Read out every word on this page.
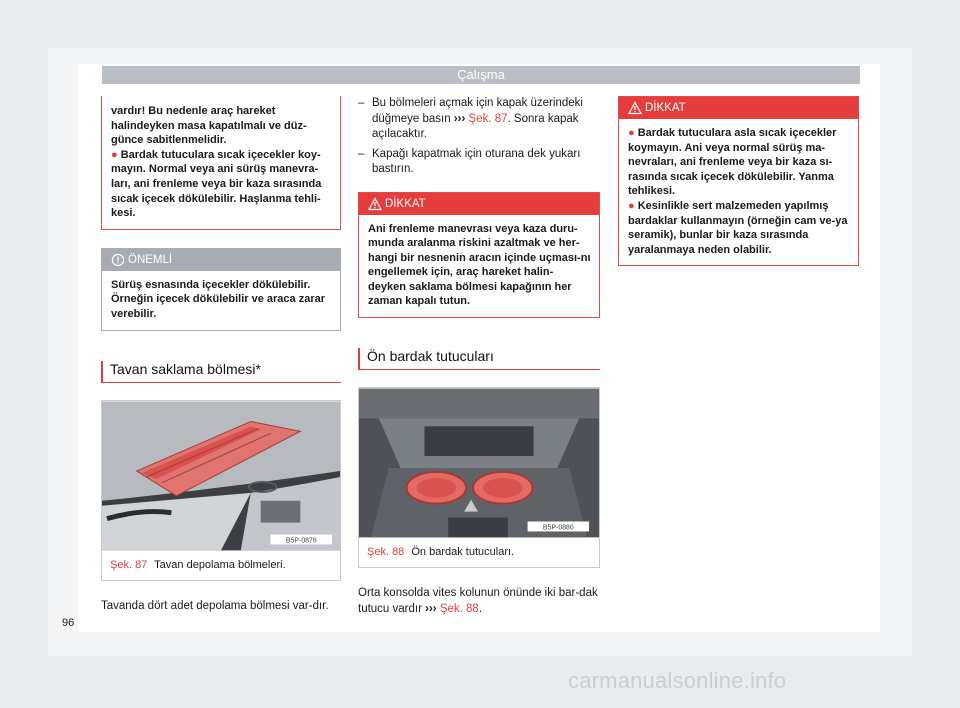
Çalışma
vardır! Bu nedenle araç hareket halindeyken masa kapatılmalı ve düz-günce sabitlenmelidir.
● Bardak tutuculara sıcak içecekler koy-mayın. Normal veya ani sürüş manevra-ları, ani frenleme veya bir kaza sırasında sıcak içecek dökülebilir. Haşlanma tehli-kesi.
ÖNEMLİ
Sürüş esnasında içecekler dökülebilir. Örneğin içecek dökülebilir ve araca zarar verebilir.
Tavan saklama bölmesi*
B5P-0876
Şek. 87 Tavan depolama bölmeleri.

Tavanda dört adet depolama bölmesi var-dır.

– Bu bölmeleri açmak için kapak üzerindeki düğmeye basın ››› Şek. 87. Sonra kapak açılacaktır.
– Kapağı kapatmak için oturana dek yukarı bastırın.
DİKKAT
Ani frenleme manevrası veya kaza duru-munda aralanma riskini azaltmak ve her-hangi bir nesnenin aracın içinde uçması-nı engellemek için, araç hareket halin-deyken saklama bölmesi kapağının her zaman kapalı tutun.
Ön bardak tutucuları
B5P-0880
Şek. 88 Ön bardak tutucuları.

Orta konsolda vites kolunun önünde iki bar-dak tutucu vardır ››› Şek. 88.

DİKKAT
● Bardak tutuculara asla sıcak içecekler koymayın. Ani veya normal sürüş ma-nevraları, ani frenleme veya bir kaza sı-rasında sıcak içecek dökülebilir. Yanma tehlikesi.
● Kesinlikle sert malzemeden yapılmış bardaklar kullanmayın (örneğin cam ve-ya seramik), bunlar bir kaza sırasında yaralanmaya neden olabilir.
96
carmanualsonline.info
